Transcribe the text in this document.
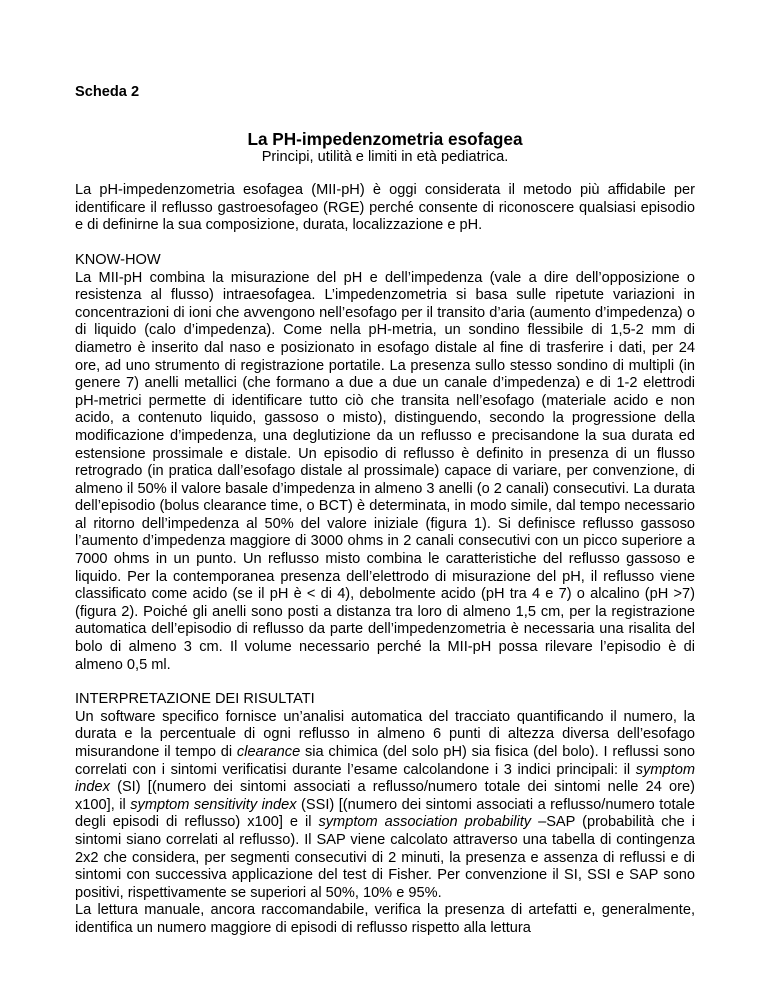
Scheda 2
La PH-impedenzometria esofagea
Principi, utilità e limiti in età pediatrica.

La pH-impedenzometria esofagea (MII-pH) è oggi considerata il metodo più affidabile per identificare il reflusso gastroesofageo (RGE) perché consente di riconoscere qualsiasi episodio e di definirne la sua composizione, durata, localizzazione e pH.

KNOW-HOW

La MII-pH combina la misurazione del pH e dell’impedenza (vale a dire dell’opposizione o resistenza al flusso) intraesofagea. L’impedenzometria si basa sulle ripetute variazioni in concentrazioni di ioni che avvengono nell’esofago per il transito d’aria (aumento d’impedenza) o di liquido (calo d’impedenza). Come nella pH-metria, un sondino flessibile di 1,5-2 mm di diametro è inserito dal naso e posizionato in esofago distale al fine di trasferire i dati, per 24 ore, ad uno strumento di registrazione portatile. La presenza sullo stesso sondino di multipli (in genere 7) anelli metallici (che formano a due a due un canale d’impedenza) e di 1-2 elettrodi pH-metrici permette di identificare tutto ciò che transita nell’esofago (materiale acido e non acido, a contenuto liquido, gassoso o misto), distinguendo, secondo la progressione della modificazione d’impedenza, una deglutizione da un reflusso e precisandone la sua durata ed estensione prossimale e distale. Un episodio di reflusso è definito in presenza di un flusso retrogrado (in pratica dall’esofago distale al prossimale) capace di variare, per convenzione, di almeno il 50% il valore basale d’impedenza in almeno 3 anelli (o 2 canali) consecutivi. La durata dell’episodio (bolus clearance time, o BCT) è determinata, in modo simile, dal tempo necessario al ritorno dell’impedenza al 50% del valore iniziale (figura 1). Si definisce reflusso gassoso l’aumento d’impedenza maggiore di 3000 ohms in 2 canali consecutivi con un picco superiore a 7000 ohms in un punto. Un reflusso misto combina le caratteristiche del reflusso gassoso e liquido. Per la contemporanea presenza dell’elettrodo di misurazione del pH, il reflusso viene classificato come acido (se il pH è < di 4), debolmente acido (pH tra 4 e 7) o alcalino (pH >7) (figura 2). Poiché gli anelli sono posti a distanza tra loro di almeno 1,5 cm, per la registrazione automatica dell’episodio di reflusso da parte dell’impedenzometria è necessaria una risalita del bolo di almeno 3 cm. Il volume necessario perché la MII-pH possa rilevare l’episodio è di almeno 0,5 ml.

INTERPRETAZIONE DEI RISULTATI

Un software specifico fornisce un’analisi automatica del tracciato quantificando il numero, la durata e la percentuale di ogni reflusso in almeno 6 punti di altezza diversa dell’esofago misurandone il tempo di clearance sia chimica (del solo pH) sia fisica (del bolo). I reflussi sono correlati con i sintomi verificatisi durante l’esame calcolandone i 3 indici principali: il symptom index (SI) [(numero dei sintomi associati a reflusso/numero totale dei sintomi nelle 24 ore) x100], il symptom sensitivity index (SSI) [(numero dei sintomi associati a reflusso/numero totale degli episodi di reflusso) x100] e il symptom association probability –SAP (probabilità che i sintomi siano correlati al reflusso). Il SAP viene calcolato attraverso una tabella di contingenza 2x2 che considera, per segmenti consecutivi di 2 minuti, la presenza e assenza di reflussi e di sintomi con successiva applicazione del test di Fisher. Per convenzione il SI, SSI e SAP sono positivi, rispettivamente se superiori al 50%, 10% e 95%.

La lettura manuale, ancora raccomandabile, verifica la presenza di artefatti e, generalmente, identifica un numero maggiore di episodi di reflusso rispetto alla lettura
